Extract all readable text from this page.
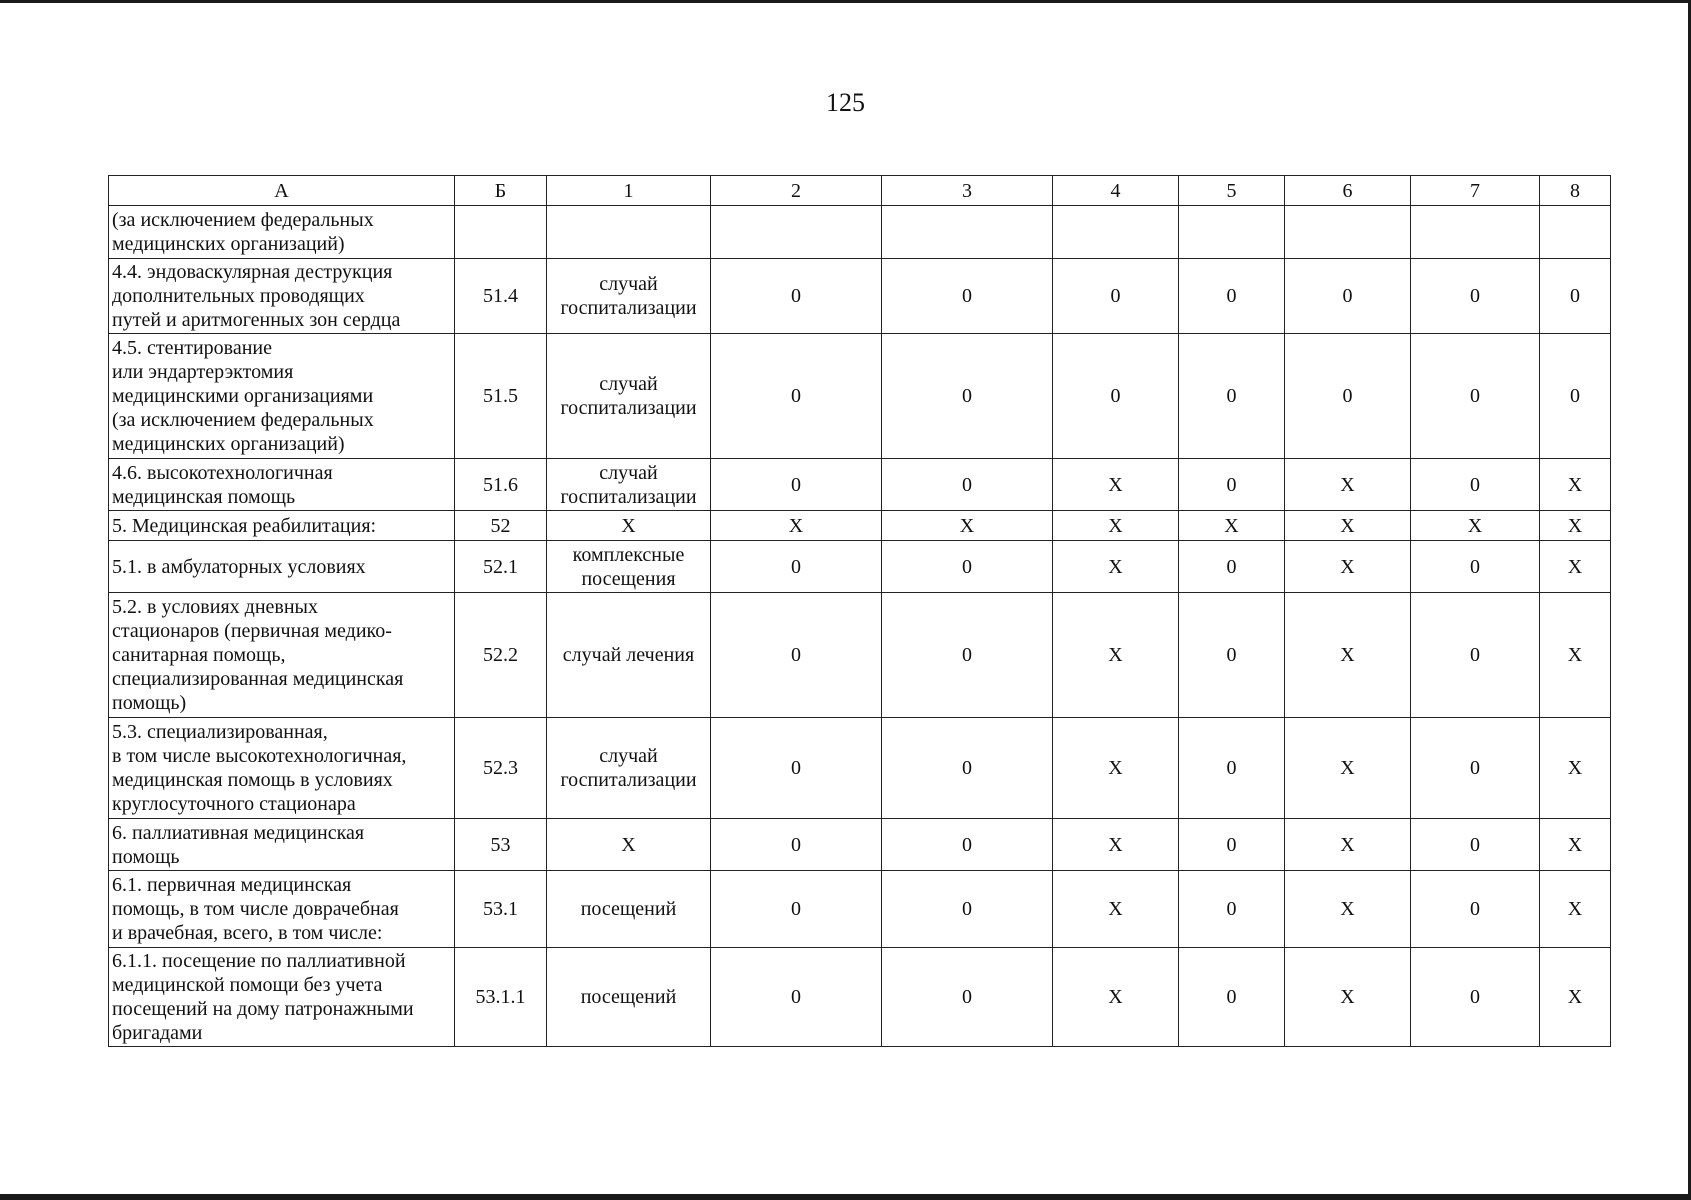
125
А	Б	1	2	3	4	5	6	7	8
(за исключением федеральных
медицинских организаций)									
4.4. эндоваскулярная деструкция
дополнительных проводящих
путей и аритмогенных зон сердца	51.4	случай
госпитализации	0	0	0	0	0	0	0
4.5. стентирование
или эндартерэктомия
медицинскими организациями
(за исключением федеральных
медицинских организаций)	51.5	случай
госпитализации	0	0	0	0	0	0	0
4.6. высокотехнологичная
медицинская помощь	51.6	случай
госпитализации	0	0	X	0	X	0	X
5. Медицинская реабилитация:	52	X	X	X	X	X	X	X	X
5.1. в амбулаторных условиях	52.1	комплексные
посещения	0	0	X	0	X	0	X
5.2. в условиях дневных
стационаров (первичная медико-
санитарная помощь,
специализированная медицинская
помощь)	52.2	случай лечения	0	0	X	0	X	0	X
5.3. специализированная,
в том числе высокотехнологичная,
медицинская помощь в условиях
круглосуточного стационара	52.3	случай
госпитализации	0	0	X	0	X	0	X
6. паллиативная медицинская
помощь	53	X	0	0	X	0	X	0	X
6.1. первичная медицинская
помощь, в том числе доврачебная
и врачебная, всего, в том числе:	53.1	посещений	0	0	X	0	X	0	X
6.1.1. посещение по паллиативной
медицинской помощи без учета
посещений на дому патронажными
бригадами	53.1.1	посещений	0	0	X	0	X	0	X
